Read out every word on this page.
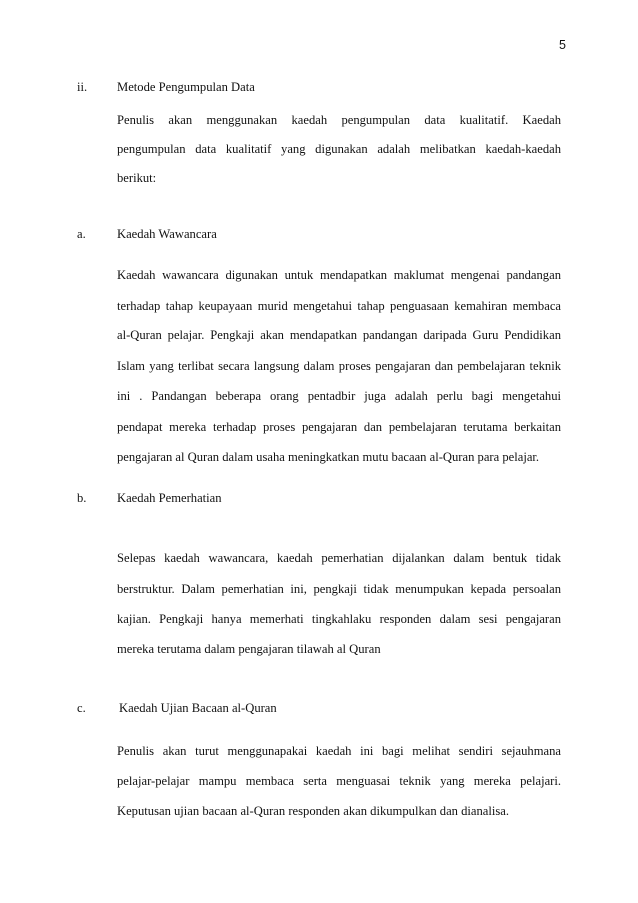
5
ii. Metode Pengumpulan Data
Penulis akan menggunakan kaedah pengumpulan data kualitatif. Kaedah
pengumpulan data kualitatif yang digunakan adalah melibatkan kaedah-kaedah
berikut:
a. Kaedah Wawancara
Kaedah wawancara digunakan untuk mendapatkan maklumat mengenai pandangan
terhadap tahap keupayaan murid mengetahui tahap penguasaan kemahiran membaca
al-Quran pelajar. Pengkaji akan mendapatkan pandangan daripada Guru Pendidikan
Islam yang terlibat secara langsung dalam proses pengajaran dan pembelajaran teknik
ini . Pandangan beberapa orang pentadbir juga adalah perlu bagi mengetahui
pendapat mereka terhadap proses pengajaran dan pembelajaran terutama berkaitan
pengajaran al Quran dalam usaha meningkatkan mutu bacaan al-Quran para pelajar.
b. Kaedah Pemerhatian
Selepas kaedah wawancara, kaedah pemerhatian dijalankan dalam bentuk tidak
berstruktur. Dalam pemerhatian ini, pengkaji tidak menumpukan kepada persoalan
kajian. Pengkaji hanya memerhati tingkahlaku responden dalam sesi pengajaran
mereka terutama dalam pengajaran tilawah al Quran
c.	Kaedah Ujian Bacaan al-Quran
Penulis akan turut menggunapakai kaedah ini bagi melihat sendiri sejauhmana
pelajar-pelajar mampu membaca serta menguasai teknik yang mereka pelajari.
Keputusan ujian bacaan al-Quran responden akan dikumpulkan dan dianalisa.
